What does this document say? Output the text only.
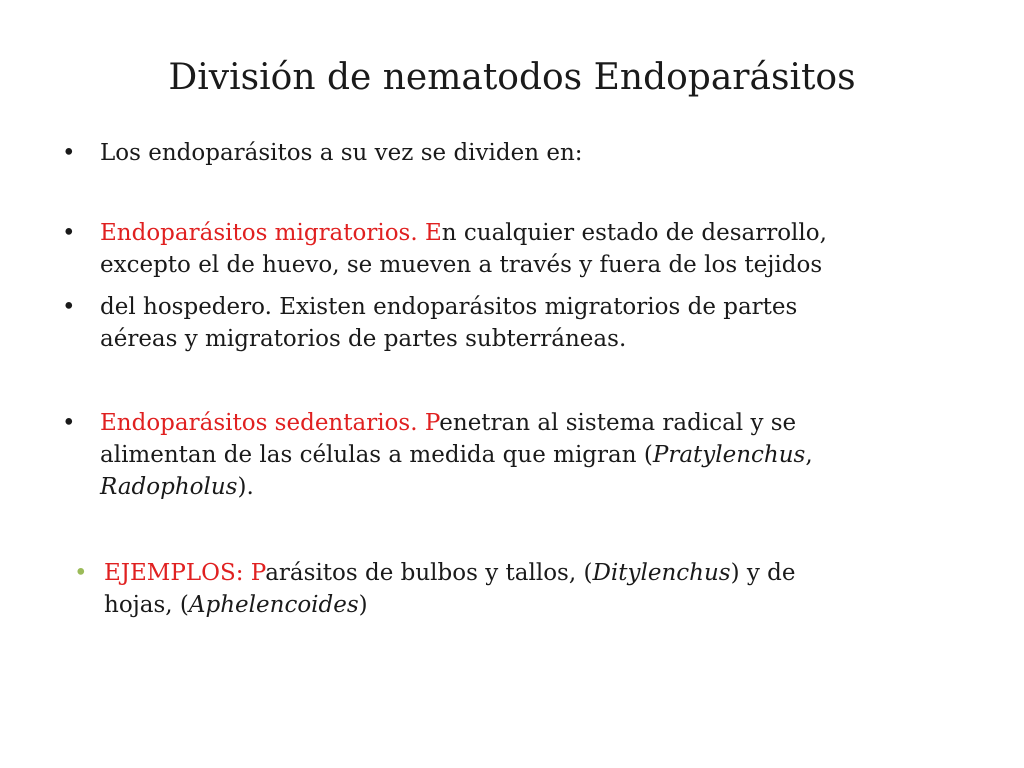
División de nematodos Endoparásitos
• Los endoparásitos a su vez se dividen en:
• Endoparásitos migratorios. En cualquier estado de desarrollo,
excepto el de huevo, se mueven a través y fuera de los tejidos
• del hospedero. Existen endoparásitos migratorios de partes
aéreas y migratorios de partes subterráneas.
• Endoparásitos sedentarios. Penetran al sistema radical y se
alimentan de las células a medida que migran (Pratylenchus,
Radopholus).
• EJEMPLOS: Parásitos de bulbos y tallos, (Ditylenchus) y de
hojas, (Aphelencoides)
